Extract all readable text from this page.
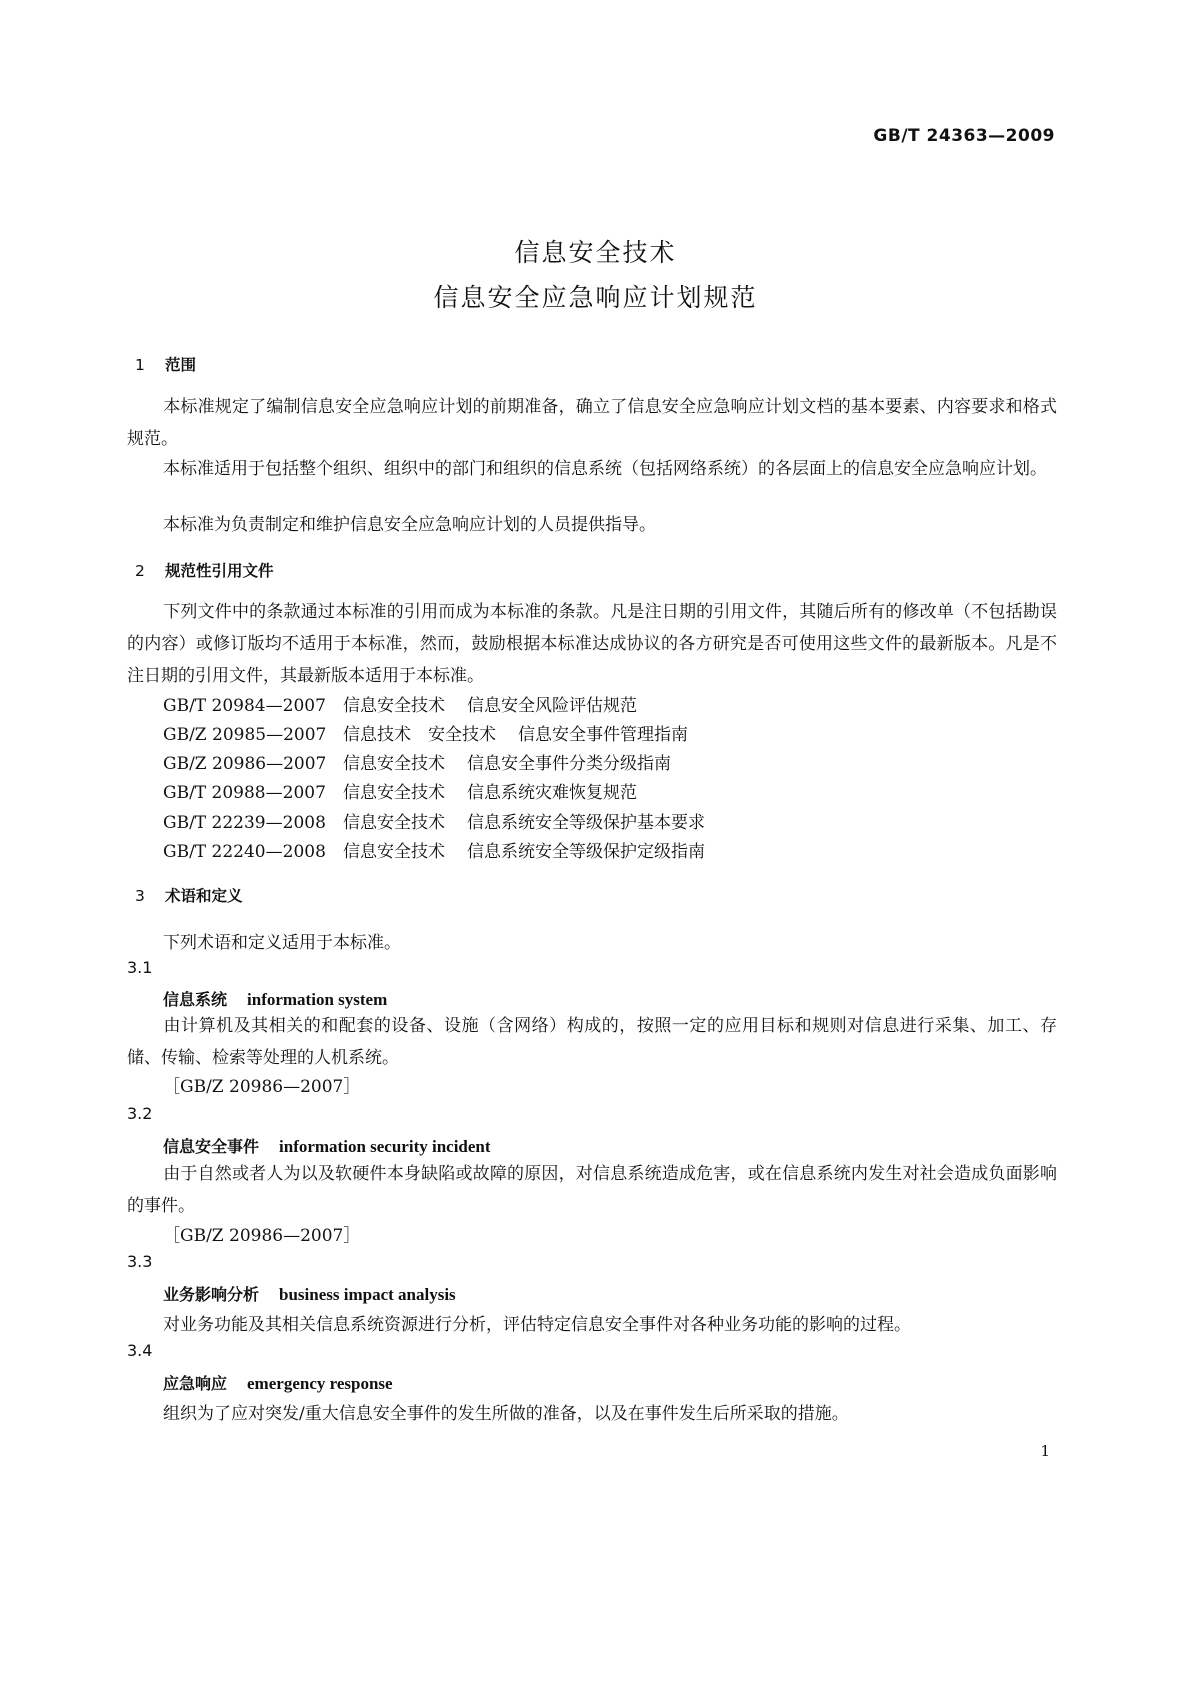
GB/T 24363—2009
信息安全技术
信息安全应急响应计划规范
1 范围
本标准规定了编制信息安全应急响应计划的前期准备，确立了信息安全应急响应计划文档的基本要素、内容要求和格式规范。
本标准适用于包括整个组织、组织中的部门和组织的信息系统（包括网络系统）的各层面上的信息安全应急响应计划。
本标准为负责制定和维护信息安全应急响应计划的人员提供指导。
2 规范性引用文件
下列文件中的条款通过本标准的引用而成为本标准的条款。凡是注日期的引用文件，其随后所有的修改单（不包括勘误的内容）或修订版均不适用于本标准，然而，鼓励根据本标准达成协议的各方研究是否可使用这些文件的最新版本。凡是不注日期的引用文件，其最新版本适用于本标准。
GB/T 20984—2007 信息安全技术 信息安全风险评估规范
GB/Z 20985—2007 信息技术　安全技术 信息安全事件管理指南
GB/Z 20986—2007 信息安全技术 信息安全事件分类分级指南
GB/T 20988—2007 信息安全技术 信息系统灾难恢复规范
GB/T 22239—2008 信息安全技术 信息系统安全等级保护基本要求
GB/T 22240—2008 信息安全技术 信息系统安全等级保护定级指南
3 术语和定义
下列术语和定义适用于本标准。
3.1
信息系统 information system
由计算机及其相关的和配套的设备、设施（含网络）构成的，按照一定的应用目标和规则对信息进行采集、加工、存储、传输、检索等处理的人机系统。
［GB/Z 20986—2007］
3.2
信息安全事件 information security incident
由于自然或者人为以及软硬件本身缺陷或故障的原因，对信息系统造成危害，或在信息系统内发生对社会造成负面影响的事件。
［GB/Z 20986—2007］
3.3
业务影响分析 business impact analysis
对业务功能及其相关信息系统资源进行分析，评估特定信息安全事件对各种业务功能的影响的过程。
3.4
应急响应 emergency response
组织为了应对突发/重大信息安全事件的发生所做的准备，以及在事件发生后所采取的措施。
1
